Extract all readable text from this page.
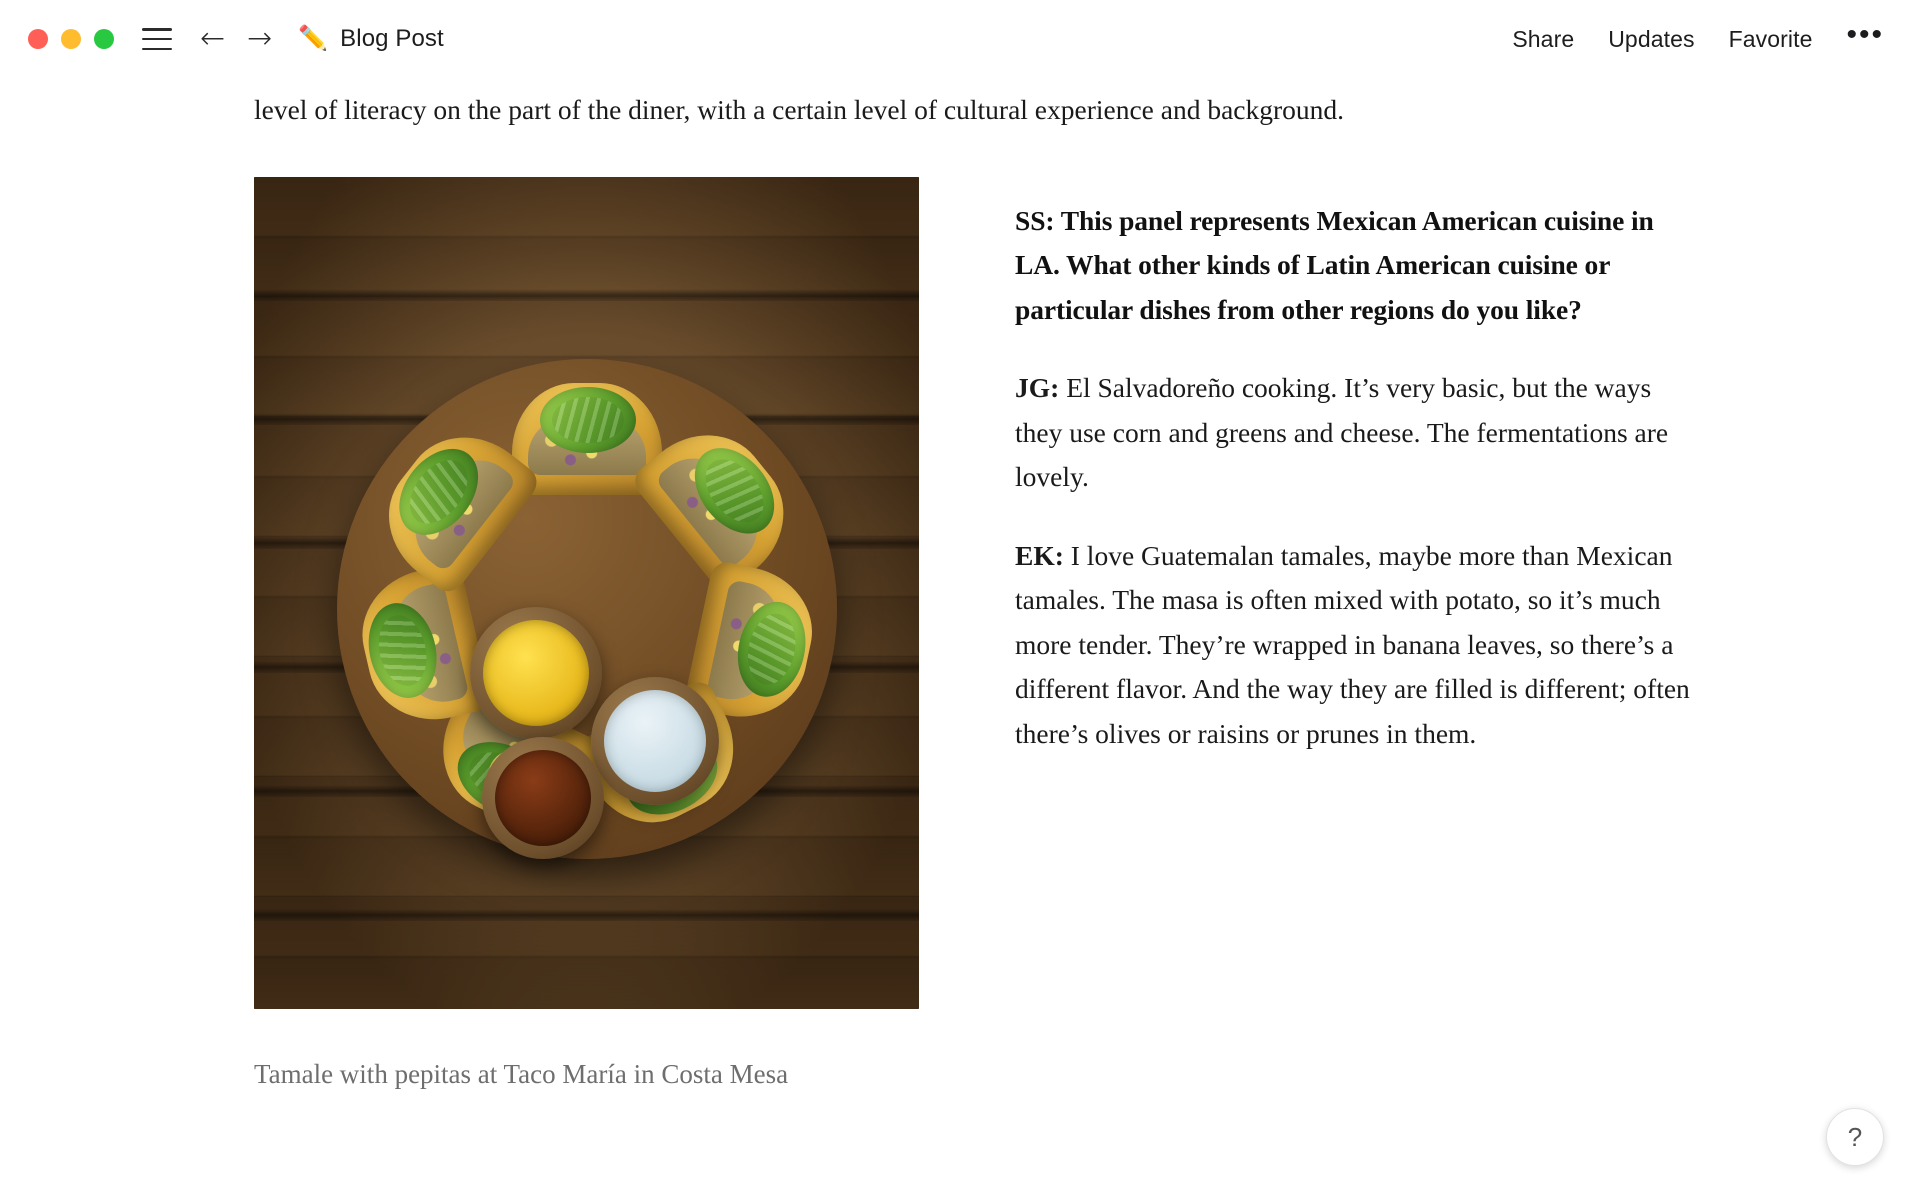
← → ✏️ Blog Post	Share Updates Favorite •••

level of literacy on the part of the diner, with a certain level of cultural experience and background.

Tamale with pepitas at Taco María in Costa Mesa

SS: This panel represents Mexican American cuisine in LA. What other kinds of Latin American cuisine or particular dishes from other regions do you like?

JG: El Salvadoreño cooking. It’s very basic, but the ways they use corn and greens and cheese. The fermentations are lovely.

EK: I love Guatemalan tamales, maybe more than Mexican tamales. The masa is often mixed with potato, so it’s much more tender. They’re wrapped in banana leaves, so there’s a different flavor. And the way they are filled is different; often there’s olives or raisins or prunes in them.

?
